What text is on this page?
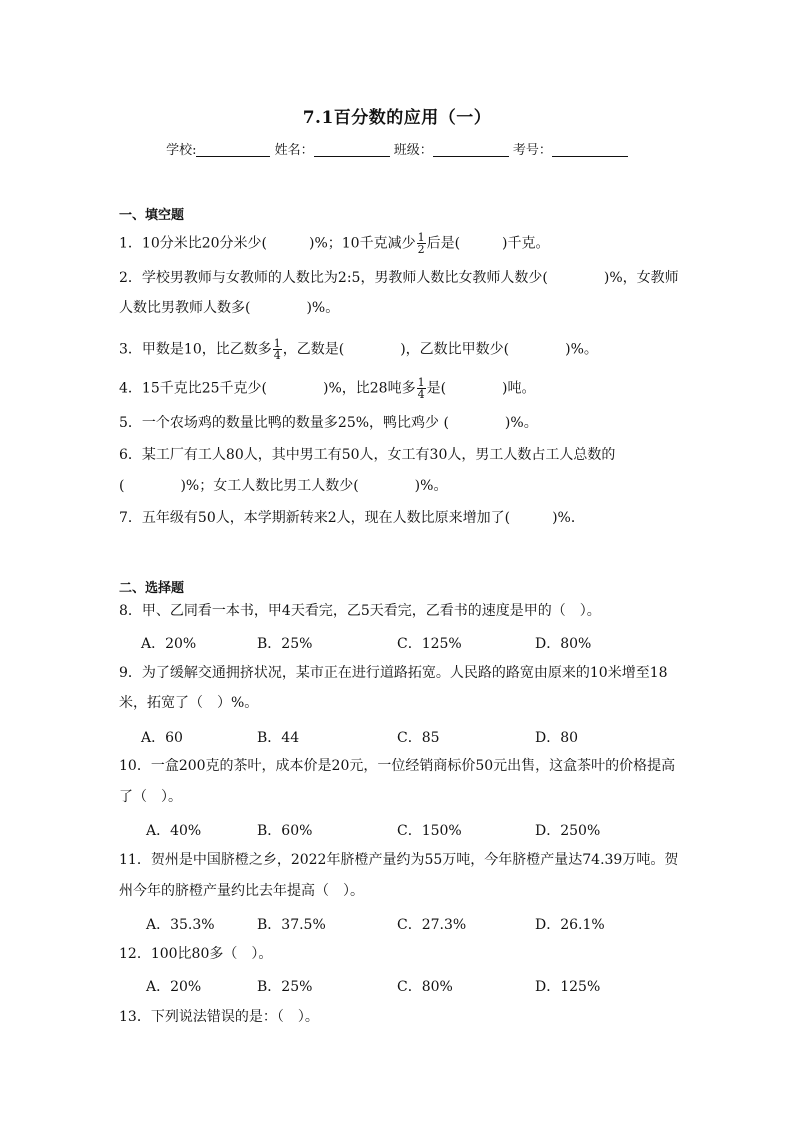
7.1百分数的应用（一）
学校:	姓名：	班级：	考号：
一、填空题
1．10分米比20分米少(　　　)%；10千克减少 $\frac{1}{2}$ 后是(　　　)千克。
2．学校男教师与女教师的人数比为2:5，男教师人数比女教师人数少(　　　　)%，女教师
人数比男教师人数多(　　　　)%。
3．甲数是10，比乙数多 $\frac{1}{4}$ ，乙数是(　　　　)，乙数比甲数少(　　　　)%。
4．15千克比25千克少(　　　　)%，比28吨多 $\frac{1}{4}$ 是(　　　　)吨。
5．一个农场鸡的数量比鸭的数量多25%，鸭比鸡少 (　　　　)%。
6．某工厂有工人80人，其中男工有50人，女工有30人，男工人数占工人总数的
(　　　　)%；女工人数比男工人数少(　　　　)%。
7．五年级有50人，本学期新转来2人，现在人数比原来增加了(　　　)%．
二、选择题
8．甲、乙同看一本书，甲4天看完，乙5天看完，乙看书的速度是甲的（　）。
A．20%	B．25%	C．125%	D．80%
9．为了缓解交通拥挤状况，某市正在进行道路拓宽。人民路的路宽由原来的10米增至18
米，拓宽了（　）%。
A．60	B．44	C．85	D．80
10．一盒200克的茶叶，成本价是20元，一位经销商标价50元出售，这盒茶叶的价格提高
了（　）。
A．40%	B．60%	C．150%	D．250%
11．贺州是中国脐橙之乡，2022年脐橙产量约为55万吨，今年脐橙产量达74.39万吨。贺
州今年的脐橙产量约比去年提高（　）。
A．35.3%	B．37.5%	C．27.3%	D．26.1%
12．100比80多（　）。
A．20%	B．25%	C．80%	D．125%
13．下列说法错误的是：（　）。
